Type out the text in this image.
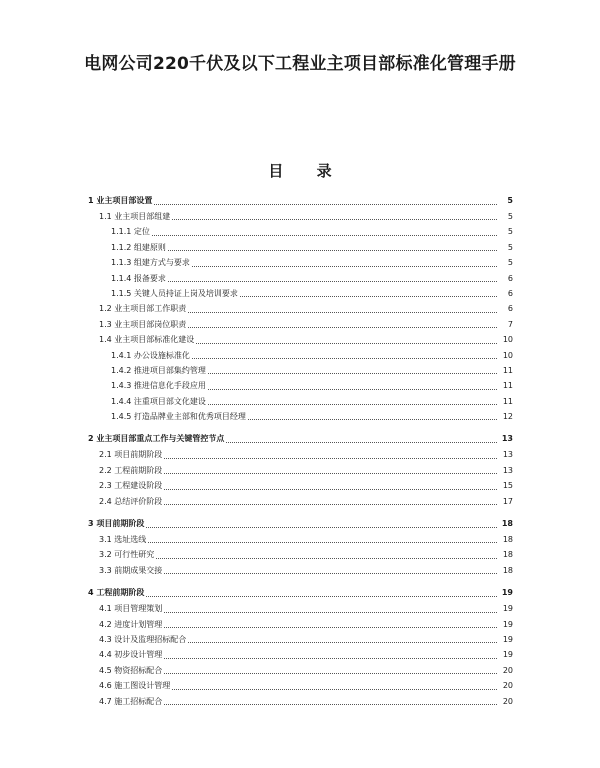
电网公司220千伏及以下工程业主项目部标准化管理手册
目 录
1 业主项目部设置	5
1.1 业主项目部组建	5
1.1.1 定位	5
1.1.2 组建原则	5
1.1.3 组建方式与要求	5
1.1.4 报备要求	6
1.1.5 关键人员持证上岗及培训要求	6
1.2 业主项目部工作职责	6
1.3 业主项目部岗位职责	7
1.4 业主项目部标准化建设	10
1.4.1 办公设施标准化	10
1.4.2 推进项目部集约管理	11
1.4.3 推进信息化手段应用	11
1.4.4 注重项目部文化建设	11
1.4.5 打造品牌业主部和优秀项目经理	12
2 业主项目部重点工作与关键管控节点	13
2.1 项目前期阶段	13
2.2 工程前期阶段	13
2.3 工程建设阶段	15
2.4 总结评价阶段	17
3 项目前期阶段	18
3.1 选址选线	18
3.2 可行性研究	18
3.3 前期成果交接	18
4 工程前期阶段	19
4.1 项目管理策划	19
4.2 进度计划管理	19
4.3 设计及监理招标配合	19
4.4 初步设计管理	19
4.5 物资招标配合	20
4.6 施工图设计管理	20
4.7 施工招标配合	20
